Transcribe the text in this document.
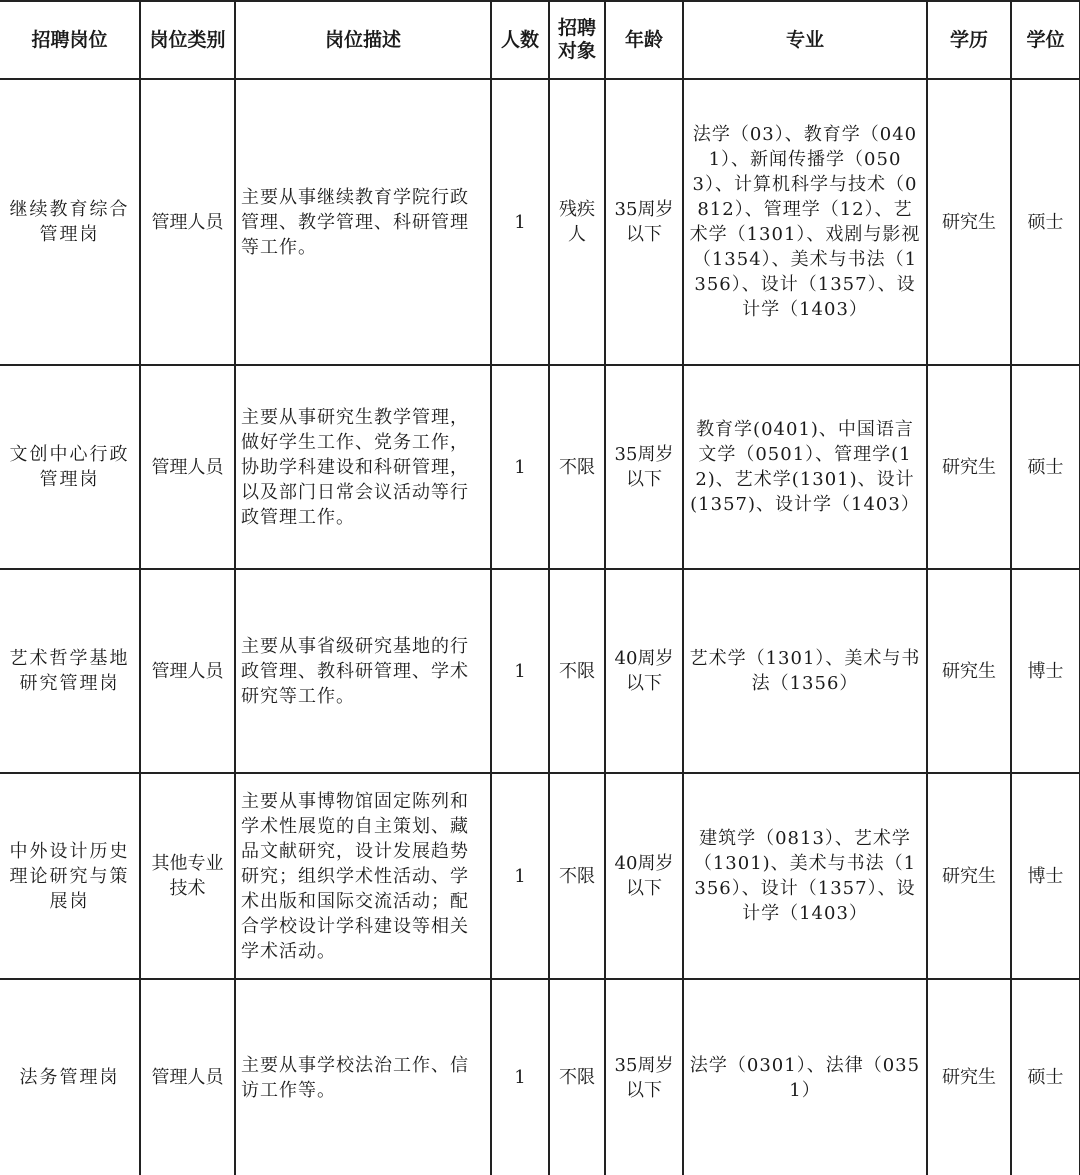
招聘岗位	岗位类别	岗位描述	人数	招聘对象	年龄	专业	学历	学位
继续教育综合管理岗	管理人员	主要从事继续教育学院行政管理、教学管理、科研管理等工作。	1	残疾人	35周岁以下	法学（03）、教育学（0401）、新闻传播学（0503）、计算机科学与技术（0812）、管理学（12）、艺术学（1301）、戏剧与影视（1354）、美术与书法（1356）、设计（1357）、设计学（1403）	研究生	硕士
文创中心行政管理岗	管理人员	主要从事研究生教学管理，做好学生工作、党务工作，协助学科建设和科研管理，以及部门日常会议活动等行政管理工作。	1	不限	35周岁以下	教育学(0401)、中国语言文学（0501）、管理学(12)、艺术学(1301)、设计(1357)、设计学（1403）	研究生	硕士
艺术哲学基地研究管理岗	管理人员	主要从事省级研究基地的行政管理、教科研管理、学术研究等工作。	1	不限	40周岁以下	艺术学（1301）、美术与书法（1356）	研究生	博士
中外设计历史理论研究与策展岗	其他专业技术	主要从事博物馆固定陈列和学术性展览的自主策划、藏品文献研究，设计发展趋势研究；组织学术性活动、学术出版和国际交流活动；配合学校设计学科建设等相关学术活动。	1	不限	40周岁以下	建筑学（0813）、艺术学（1301)、美术与书法（1356）、设计（1357）、设计学（1403）	研究生	博士
法务管理岗	管理人员	主要从事学校法治工作、信访工作等。	1	不限	35周岁以下	法学（0301）、法律（0351）	研究生	硕士
